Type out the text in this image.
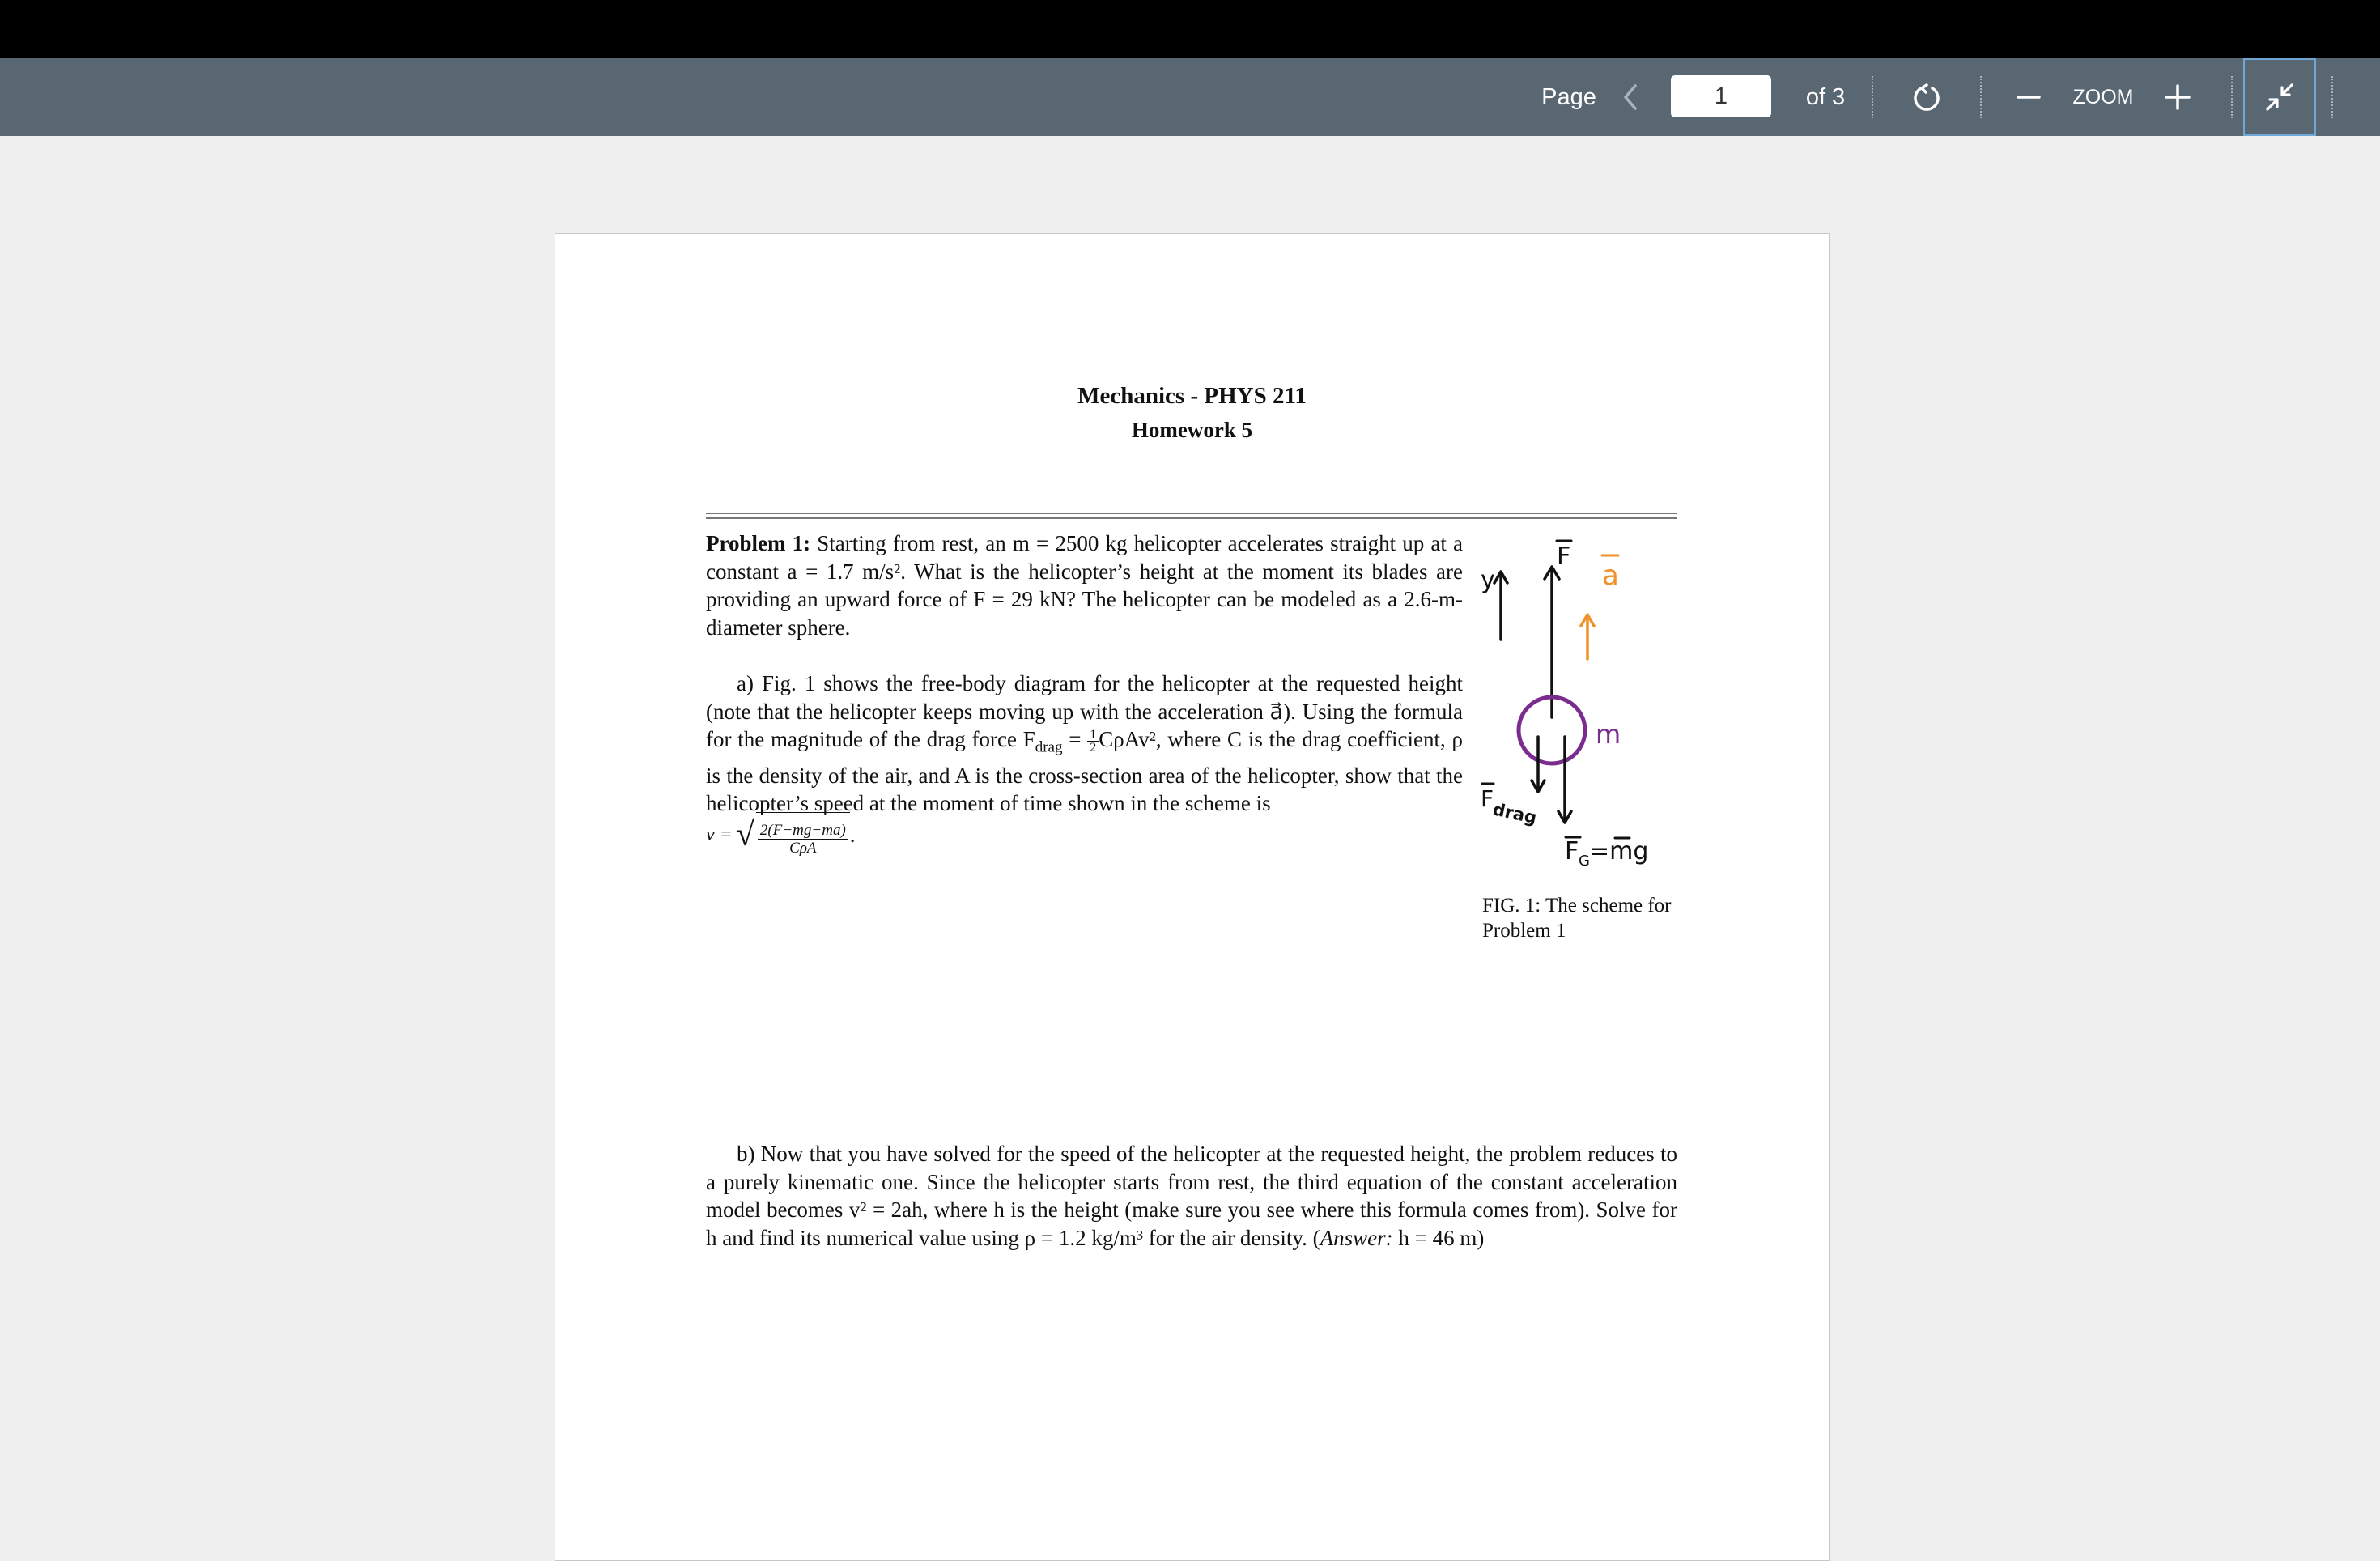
Page
1	of 3	ZOOM
Mechanics - PHYS 211
Homework 5
Problem 1: Starting from rest, an m = 2500 kg helicopter accelerates straight up at a constant a = 1.7 m/s². What is the helicopter’s height at the moment its blades are providing an upward force of F = 29 kN? The helicopter can be modeled as a 2.6-m-diameter sphere.
a) Fig. 1 shows the free-body diagram for the helicopter at the requested height (note that the helicopter keeps moving up with the acceleration a⃗). Using the formula for the magnitude of the drag force $F_{drag} = \frac{1}{2} C\rho Av^2$, where C is the drag coefficient, ρ is the density of the air, and A is the cross-section area of the helicopter, show that the helicopter’s speed at the moment of time shown in the scheme is
v = √ $\frac{2(F-mg-ma)}{\text{CρA}}$ .
y
F
a
m
F
drag
F G =mg
FIG. 1: The scheme for Problem 1
b) Now that you have solved for the speed of the helicopter at the requested height, the problem reduces to a purely kinematic one. Since the helicopter starts from rest, the third equation of the constant acceleration model becomes v² = 2ah, where h is the height (make sure you see where this formula comes from). Solve for h and find its numerical value using ρ = 1.2 kg/m³ for the air density. (Answer: h = 46 m)
